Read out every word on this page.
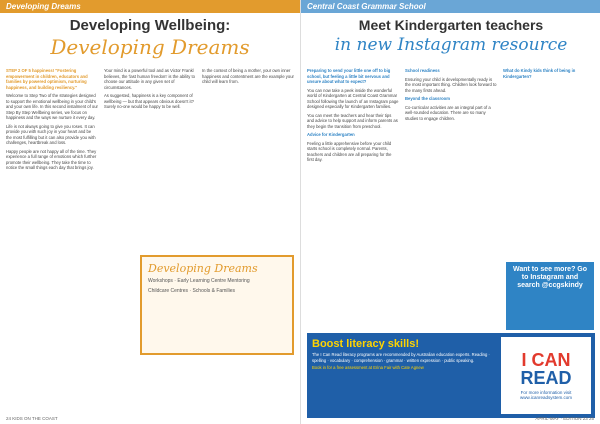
Developing Dreams
Developing Wellbeing:
Developing Dreams

STEP 2 OF 5 happiness! "Fostering empowerment in children, educators and families by powered optimism, nurturing happiness, and building resiliency."

Welcome to Step Two of the strategies designed to support the emotional wellbeing in your child's and your own life. In this second instalment of our Step By Step Wellbeing series, we focus on happiness and the ways we nurture it every day.

Life is not always going to give you roses. It can provide you with such joy in your heart and be the most fulfilling but it can also provide you with challenges, heartbreak and loss.

Happy people are not happy all of the time. They experience a full range of emotions which further promote their wellbeing. They take the time to notice the small things each day that brings joy.

Your mind is a powerful tool and as Victor Frankl believes, the 'last human freedom' is the ability to choose our attitude in any given set of circumstances.

As suggested, happiness is a key component of wellbeing — but that appears obvious doesn't it? Surely no-one would be happy to be well.

In the context of being a mother, your own inner happiness and contentment are the example your child will learn from.

Developing Dreams
Workshops · Early Learning Centre Mentoring
Childcare Centres · Schools & Families
24 KIDS ON THE COAST
Central Coast Grammar School
Meet Kindergarten teachers
in new Instagram resource

Preparing to send your little one off to big school, but feeling a little bit nervous and unsure about what to expect?

You can now take a peek inside the wonderful world of Kindergarten at Central Coast Grammar School following the launch of an Instagram page designed especially for Kindergarten families.

You can meet the teachers and hear their tips and advice to help support and inform parents as they begin the transition from preschool.

Advice for Kindergarten

Feeling a little apprehensive before your child starts school is completely normal. Parents, teachers and children are all preparing for the first day.

School readiness

Ensuring your child is developmentally ready is the most important thing. Children look forward to the many firsts ahead.

Beyond the classroom

Co-curricular activities are an integral part of a well-rounded education. There are so many studies to engage children.

What do Kindy kids think of being in Kindergarten?

Want to see more? Go to Instagram and search @ccgskindy
Boost literacy skills!
The I Can Read literacy programs are recommended by Australian education experts. Reading · spelling · vocabulary · comprehension · grammar · written expression · public speaking.
Book in for a free assessment at Erina Fair with Cate Agnew	I CAN
READ
For more information visit www.icanreadsystem.com
APRIL-MAY · EDITION 23 25
